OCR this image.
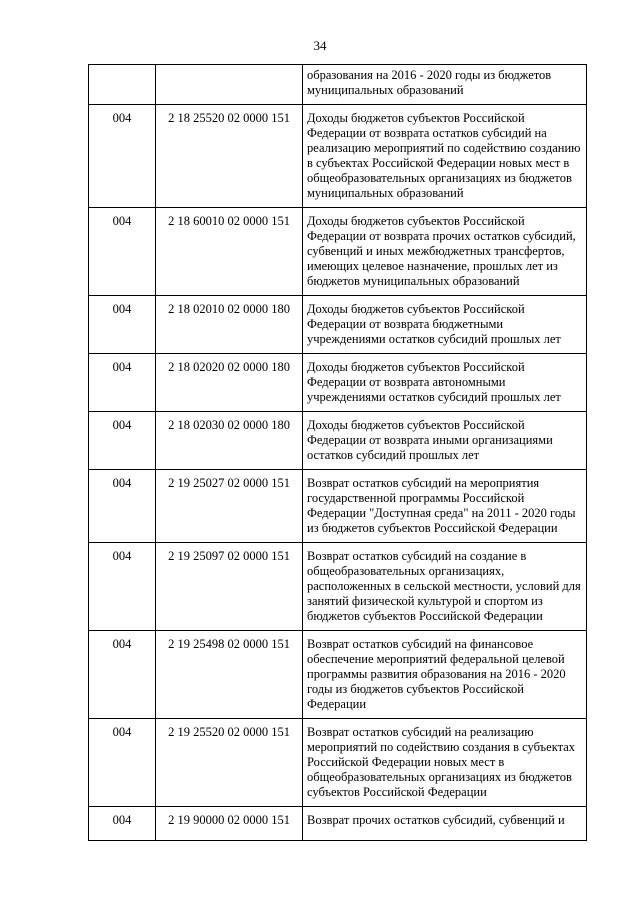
34
		образования на 2016 - 2020 годы из бюджетов муниципальных образований
004	2 18 25520 02 0000 151	Доходы бюджетов субъектов Российской Федерации от возврата остатков субсидий на реализацию мероприятий по содействию созданию в субъектах Российской Федерации новых мест в общеобразовательных организациях из бюджетов муниципальных образований
004	2 18 60010 02 0000 151	Доходы бюджетов субъектов Российской Федерации от возврата прочих остатков субсидий, субвенций и иных межбюджетных трансфертов, имеющих целевое назначение, прошлых лет из бюджетов муниципальных образований
004	2 18 02010 02 0000 180	Доходы бюджетов субъектов Российской Федерации от возврата бюджетными учреждениями остатков субсидий прошлых лет
004	2 18 02020 02 0000 180	Доходы бюджетов субъектов Российской Федерации от возврата автономными учреждениями остатков субсидий прошлых лет
004	2 18 02030 02 0000 180	Доходы бюджетов субъектов Российской Федерации от возврата иными организациями остатков субсидий прошлых лет
004	2 19 25027 02 0000 151	Возврат остатков субсидий на мероприятия государственной программы Российской Федерации "Доступная среда" на 2011 - 2020 годы из бюджетов субъектов Российской Федерации
004	2 19 25097 02 0000 151	Возврат остатков субсидий на создание в общеобразовательных организациях, расположенных в сельской местности, условий для занятий физической культурой и спортом из бюджетов субъектов Российской Федерации
004	2 19 25498 02 0000 151	Возврат остатков субсидий на финансовое обеспечение мероприятий федеральной целевой программы развития образования на 2016 - 2020 годы из бюджетов субъектов Российской Федерации
004	2 19 25520 02 0000 151	Возврат остатков субсидий на реализацию мероприятий по содействию создания в субъектах Российской Федерации новых мест в общеобразовательных организациях из бюджетов субъектов Российской Федерации
004	2 19 90000 02 0000 151	Возврат прочих остатков субсидий, субвенций и
